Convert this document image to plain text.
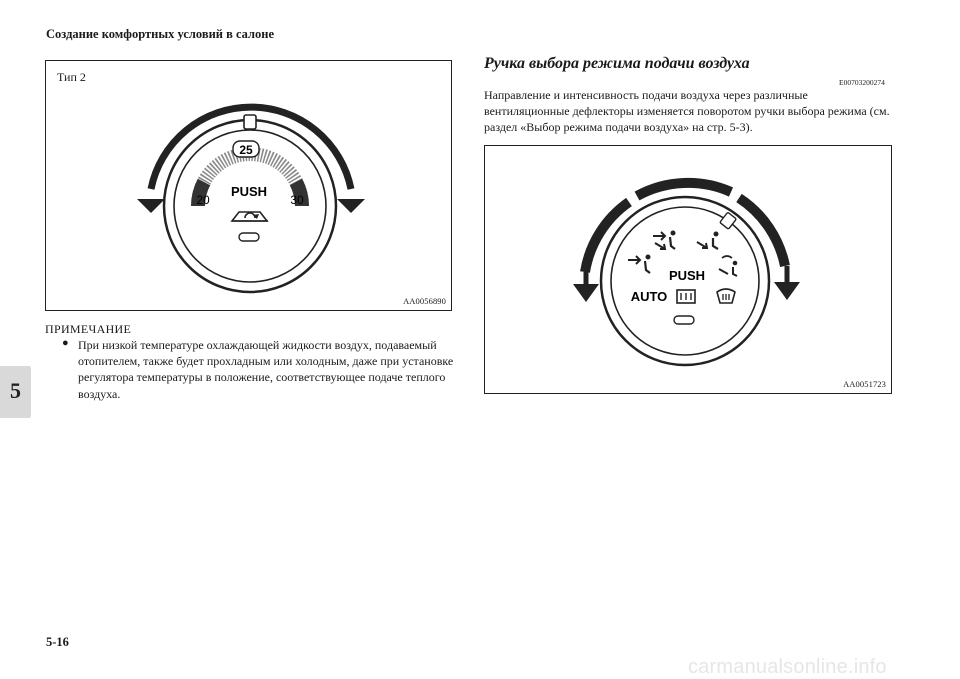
Создание комфортных условий в салоне
5
Тип 2
25
20	30
PUSH
AA0056890
ПРИМЕЧАНИЕ
● При низкой температуре охлаждающей жидкости воздух, подаваемый отопителем, также будет прохладным или холодным, даже при установке регулятора температуры в положение, соответствующее подаче теплого воздуха.
Ручка выбора режима подачи воздуха
E00703200274
Направление и интенсивность подачи воздуха через различные вентиляционные дефлекторы изменяется поворотом ручки выбора режима (см. раздел «Выбор режима подачи воздуха» на стр. 5-3).
PUSH
AUTO
AA0051723
5-16
carmanualsonline.info
